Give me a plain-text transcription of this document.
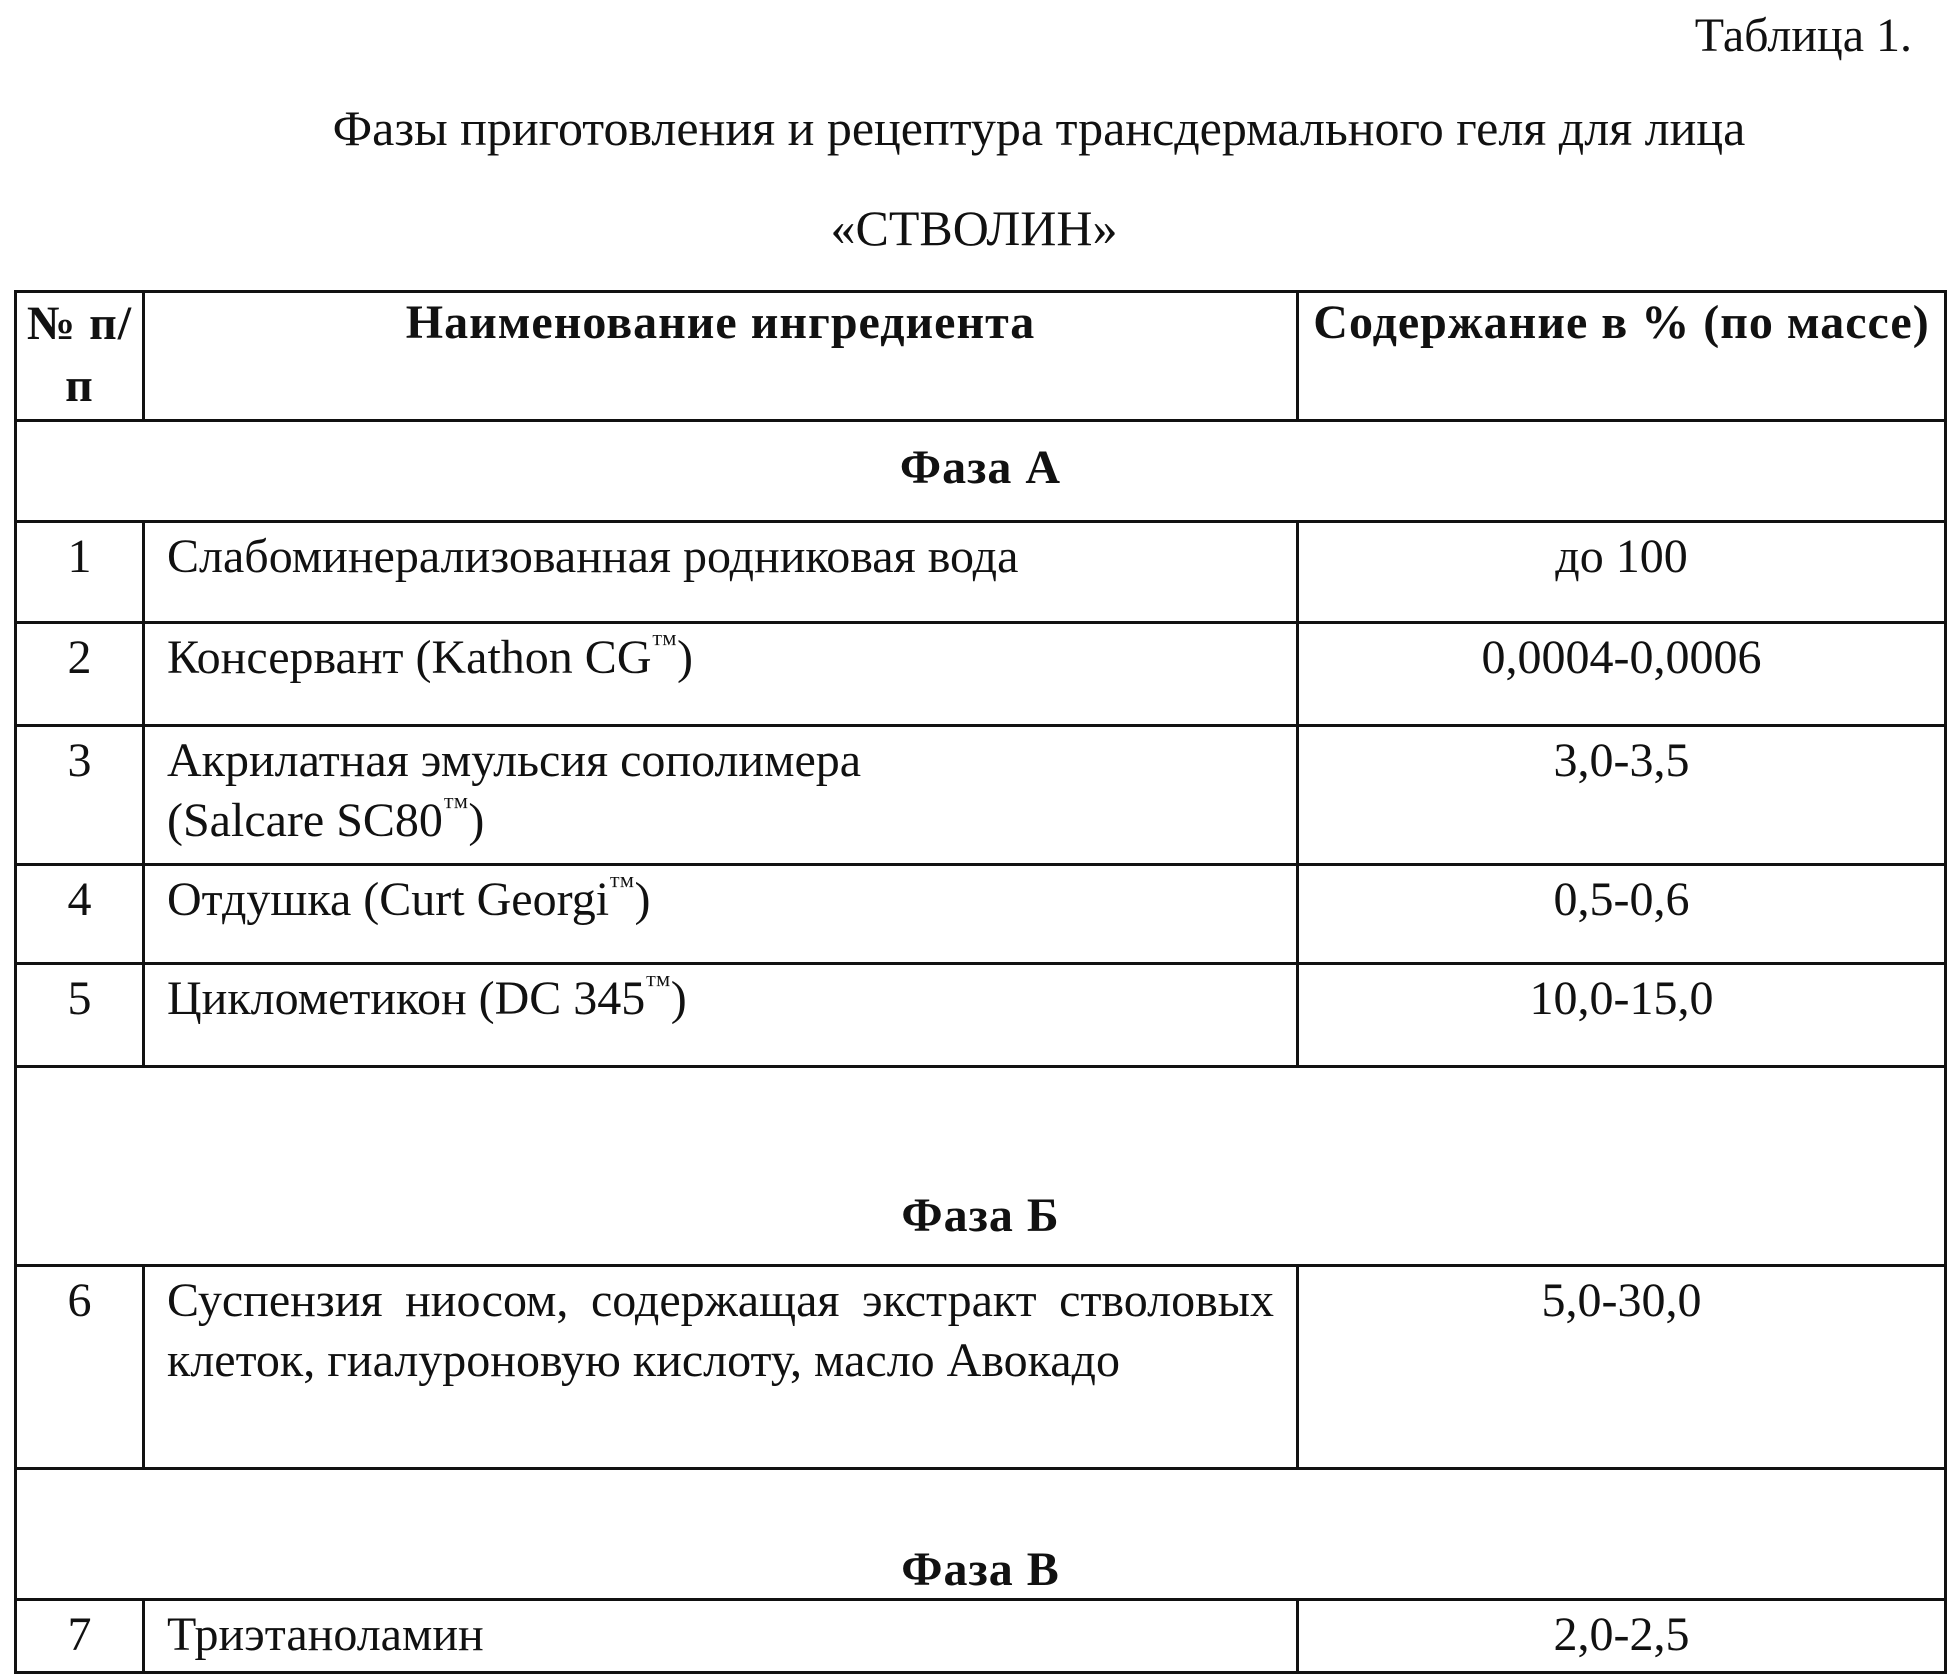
Таблица 1.
Фазы приготовления и рецептура трансдермального геля для лица
«СТВОЛИН»
№ п/п	Наименование ингредиента	Содержание в % (по массе)

Фаза А		

1	Слабоминерализованная родниковая вода	до 100
2	Консервант (Kathon CG™)	0,0004-0,0006
3	Акрилатная эмульсия сополимера (Salcare SC80™)	3,0-3,5
4	Отдушка (Curt Georgi™)	0,5-0,6
5	Циклометикон (DC 345™)	10,0-15,0

Фаза Б		

6	Суспензия ниосом, содержащая экстракт стволовых клеток, гиалуроновую кислоту, масло Авокадо	5,0-30,0

Фаза В		

7	Триэтаноламин	2,0-2,5
